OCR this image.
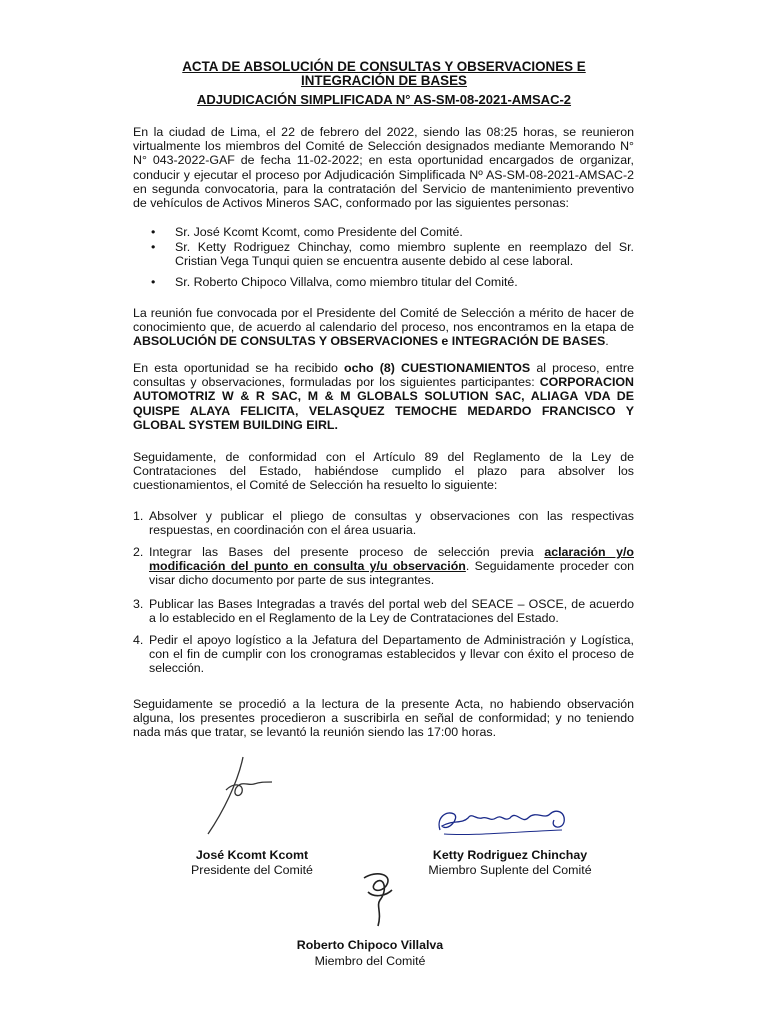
ACTA DE ABSOLUCIÓN DE CONSULTAS Y OBSERVACIONES E
INTEGRACIÓN DE BASES
ADJUDICACIÓN SIMPLIFICADA N° AS-SM-08-2021-AMSAC-2
En la ciudad de Lima, el 22 de febrero del 2022, siendo las 08:25 horas, se reunieron virtualmente los miembros del Comité de Selección designados mediante Memorando N° N° 043-2022-GAF de fecha 11-02-2022; en esta oportunidad encargados de organizar, conducir y ejecutar el proceso por Adjudicación Simplificada Nº AS-SM-08-2021-AMSAC-2 en segunda convocatoria, para la contratación del Servicio de mantenimiento preventivo de vehículos de Activos Mineros SAC, conformado por las siguientes personas:
• Sr. José Kcomt Kcomt, como Presidente del Comité.
• Sr. Ketty Rodriguez Chinchay, como miembro suplente en reemplazo del Sr. Cristian Vega Tunqui quien se encuentra ausente debido al cese laboral.
• Sr. Roberto Chipoco Villalva, como miembro titular del Comité.
La reunión fue convocada por el Presidente del Comité de Selección a mérito de hacer de conocimiento que, de acuerdo al calendario del proceso, nos encontramos en la etapa de ABSOLUCIÓN DE CONSULTAS Y OBSERVACIONES e INTEGRACIÓN DE BASES.
En esta oportunidad se ha recibido ocho (8) CUESTIONAMIENTOS al proceso, entre consultas y observaciones, formuladas por los siguientes participantes: CORPORACION AUTOMOTRIZ W & R SAC, M & M GLOBALS SOLUTION SAC, ALIAGA VDA DE QUISPE ALAYA FELICITA, VELASQUEZ TEMOCHE MEDARDO FRANCISCO Y GLOBAL SYSTEM BUILDING EIRL.
Seguidamente, de conformidad con el Artículo 89 del Reglamento de la Ley de Contrataciones del Estado, habiéndose cumplido el plazo para absolver los cuestionamientos, el Comité de Selección ha resuelto lo siguiente:
1. Absolver y publicar el pliego de consultas y observaciones con las respectivas respuestas, en coordinación con el área usuaria.
2. Integrar las Bases del presente proceso de selección previa aclaración y/o modificación del punto en consulta y/u observación. Seguidamente proceder con visar dicho documento por parte de sus integrantes.
3. Publicar las Bases Integradas a través del portal web del SEACE – OSCE, de acuerdo a lo establecido en el Reglamento de la Ley de Contrataciones del Estado.
4. Pedir el apoyo logístico a la Jefatura del Departamento de Administración y Logística, con el fin de cumplir con los cronogramas establecidos y llevar con éxito el proceso de selección.
Seguidamente se procedió a la lectura de la presente Acta, no habiendo observación alguna, los presentes procedieron a suscribirla en señal de conformidad; y no teniendo nada más que tratar, se levantó la reunión siendo las 17:00 horas.
José Kcomt Kcomt
Presidente del Comité
Ketty Rodriguez Chinchay
Miembro Suplente del Comité
Roberto Chipoco Villalva
Miembro del Comité
